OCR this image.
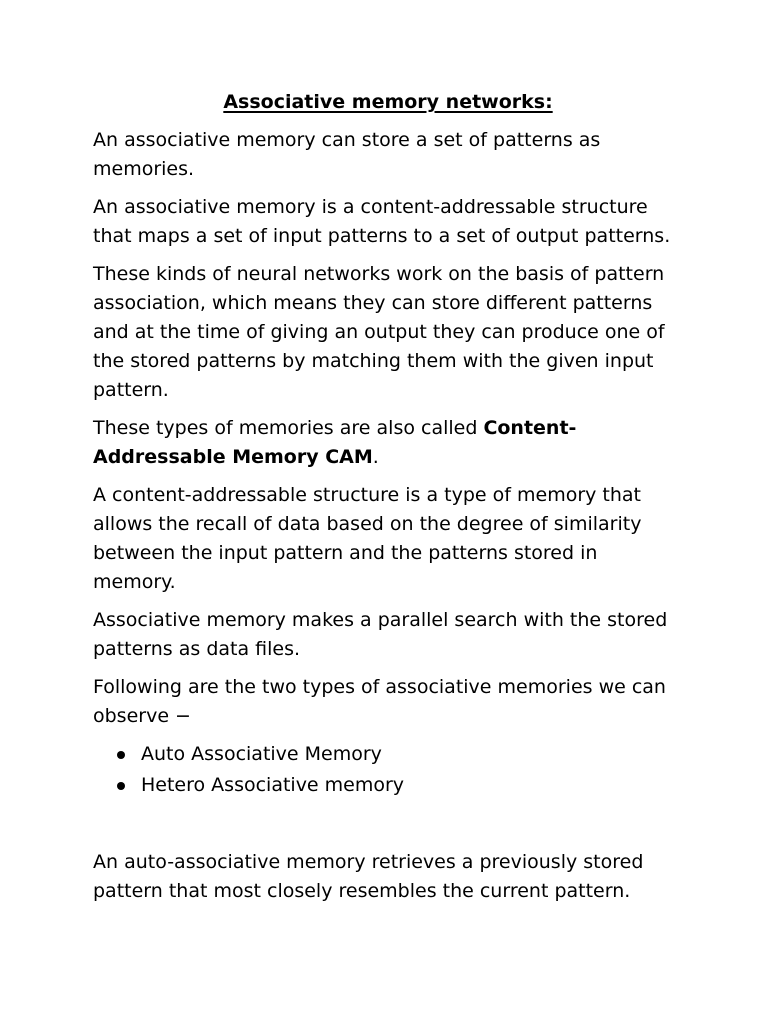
Associative memory networks:

An associative memory can store a set of patterns as memories.

An associative memory is a content-addressable structure that maps a set of input patterns to a set of output patterns.

These kinds of neural networks work on the basis of pattern association, which means they can store different patterns and at the time of giving an output they can produce one of the stored patterns by matching them with the given input pattern.

These types of memories are also called Content-Addressable Memory CAM.

A content-addressable structure is a type of memory that allows the recall of data based on the degree of similarity between the input pattern and the patterns stored in memory.

Associative memory makes a parallel search with the stored patterns as data files.

Following are the two types of associative memories we can observe −

Auto Associative Memory
Hetero Associative memory

An auto-associative memory retrieves a previously stored pattern that most closely resembles the current pattern.
